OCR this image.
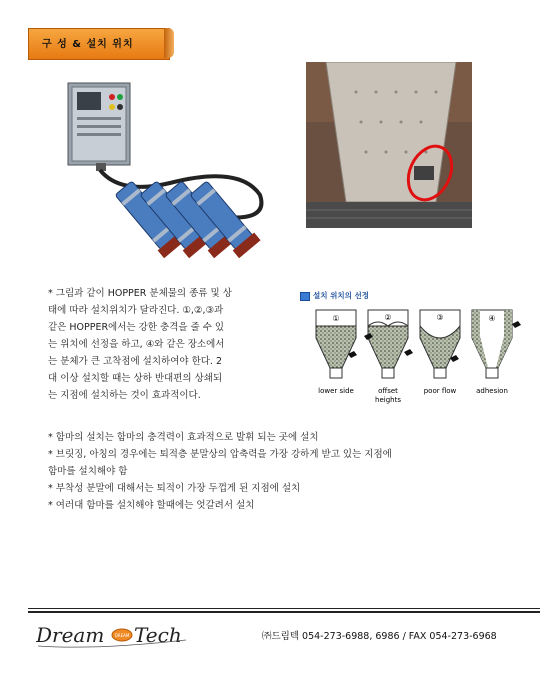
구 성 & 설치 위치

* 그림과 같이 HOPPER 분체물의 종류 및 상

태에 따라 설치위치가 달라진다. ①,②,③과

같은 HOPPER에서는 강한 충격을 줄 수 있

는 위치에 선정을 하고, ④와 같은 장소에서

는 분체가 큰 고착점에 설치하여야 한다. 2

대 이상 설치할 때는 상하 반대편의 상쇄되

는 지점에 설치하는 것이 효과적이다.

설치 위치의 선정
①
lower side
②
offset
heights
③
poor flow
④
adhesion
* 함마의 설치는 함마의 충격력이 효과적으로 발휘 되는 곳에 설치
* 브릿징, 아칭의 경우에는 퇴적층 분말상의 압축력을 가장 강하게 받고 있는 지점에
함마를 설치해야 함
* 부착성 분말에 대해서는 퇴적이 가장 두껍게 된 지점에 설치
* 여러대 함마를 설치해야 할때에는 엇갈려서 설치
Dream	DREAM Tech	㈜드림텍 054-273-6988, 6986 / FAX 054-273-6968
